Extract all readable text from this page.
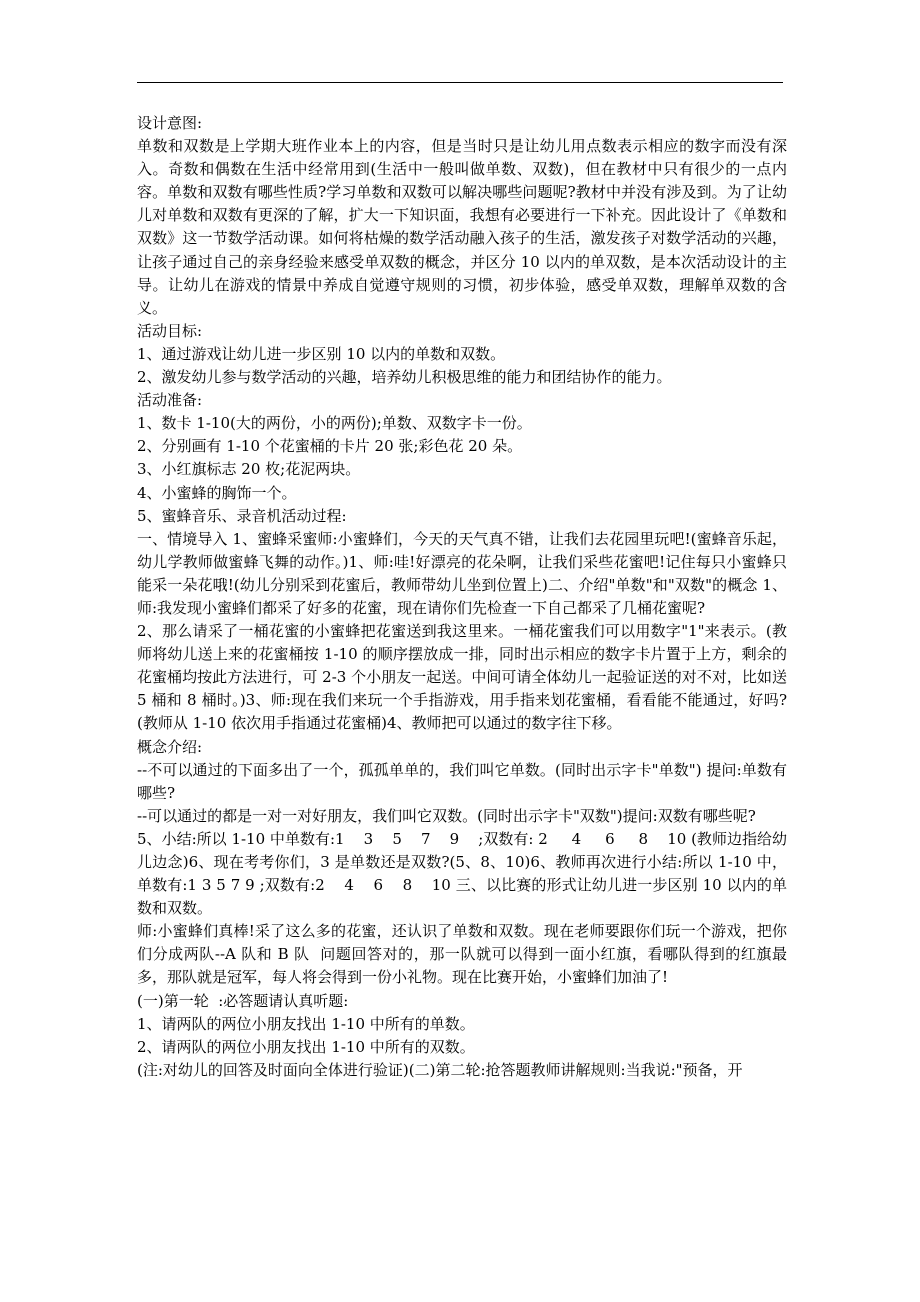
设计意图:

单数和双数是上学期大班作业本上的内容，但是当时只是让幼儿用点数表示相应的数字而没有深入。奇数和偶数在生活中经常用到(生活中一般叫做单数、双数)，但在教材中只有很少的一点内容。单数和双数有哪些性质?学习单数和双数可以解决哪些问题呢?教材中并没有涉及到。为了让幼儿对单数和双数有更深的了解，扩大一下知识面，我想有必要进行一下补充。因此设计了《单数和双数》这一节数学活动课。如何将枯燥的数学活动融入孩子的生活，激发孩子对数学活动的兴趣，让孩子通过自己的亲身经验来感受单双数的概念，并区分 10 以内的单双数，是本次活动设计的主导。让幼儿在游戏的情景中养成自觉遵守规则的习惯，初步体验，感受单双数，理解单双数的含义。

活动目标:

1、通过游戏让幼儿进一步区别 10 以内的单数和双数。

2、激发幼儿参与数学活动的兴趣，培养幼儿积极思维的能力和团结协作的能力。

活动准备:

1、数卡 1-10(大的两份，小的两份);单数、双数字卡一份。

2、分别画有 1-10 个花蜜桶的卡片 20 张;彩色花 20 朵。

3、小红旗标志 20 枚;花泥两块。

4、小蜜蜂的胸饰一个。

5、蜜蜂音乐、录音机活动过程:

一、情境导入 1、蜜蜂采蜜师:小蜜蜂们，今天的天气真不错，让我们去花园里玩吧!(蜜蜂音乐起，幼儿学教师做蜜蜂飞舞的动作。)1、师:哇!好漂亮的花朵啊，让我们采些花蜜吧!记住每只小蜜蜂只能采一朵花哦!(幼儿分别采到花蜜后，教师带幼儿坐到位置上)二、介绍"单数"和"双数"的概念 1、师:我发现小蜜蜂们都采了好多的花蜜，现在请你们先检查一下自己都采了几桶花蜜呢?

2、那么请采了一桶花蜜的小蜜蜂把花蜜送到我这里来。一桶花蜜我们可以用数字"1"来表示。(教师将幼儿送上来的花蜜桶按 1-10 的顺序摆放成一排，同时出示相应的数字卡片置于上方，剩余的花蜜桶均按此方法进行，可 2-3 个小朋友一起送。中间可请全体幼儿一起验证送的对不对，比如送 5 桶和 8 桶时。)3、师:现在我们来玩一个手指游戏，用手指来划花蜜桶，看看能不能通过，好吗?(教师从 1-10 依次用手指通过花蜜桶)4、教师把可以通过的数字往下移。

概念介绍:

--不可以通过的下面多出了一个，孤孤单单的，我们叫它单数。(同时出示字卡"单数") 提问:单数有哪些?

--可以通过的都是一对一对好朋友，我们叫它双数。(同时出示字卡"双数")提问:双数有哪些呢?

5、小结:所以 1-10 中单数有:1    3    5    7    9    ;双数有: 2     4     6     8    10 (教师边指给幼儿边念)6、现在考考你们，3 是单数还是双数?(5、8、10)6、教师再次进行小结:所以 1-10 中，单数有:1 3 5 7 9 ;双数有:2    4    6    8    10 三、以比赛的形式让幼儿进一步区别 10 以内的单数和双数。

师:小蜜蜂们真棒!采了这么多的花蜜，还认识了单数和双数。现在老师要跟你们玩一个游戏，把你们分成两队--A 队和 B 队  问题回答对的，那一队就可以得到一面小红旗，看哪队得到的红旗最多，那队就是冠军，每人将会得到一份小礼物。现在比赛开始，小蜜蜂们加油了!

(一)第一轮  :必答题请认真听题:

1、请两队的两位小朋友找出 1-10 中所有的单数。

2、请两队的两位小朋友找出 1-10 中所有的双数。

(注:对幼儿的回答及时面向全体进行验证)(二)第二轮:抢答题教师讲解规则:当我说:"预备，开
